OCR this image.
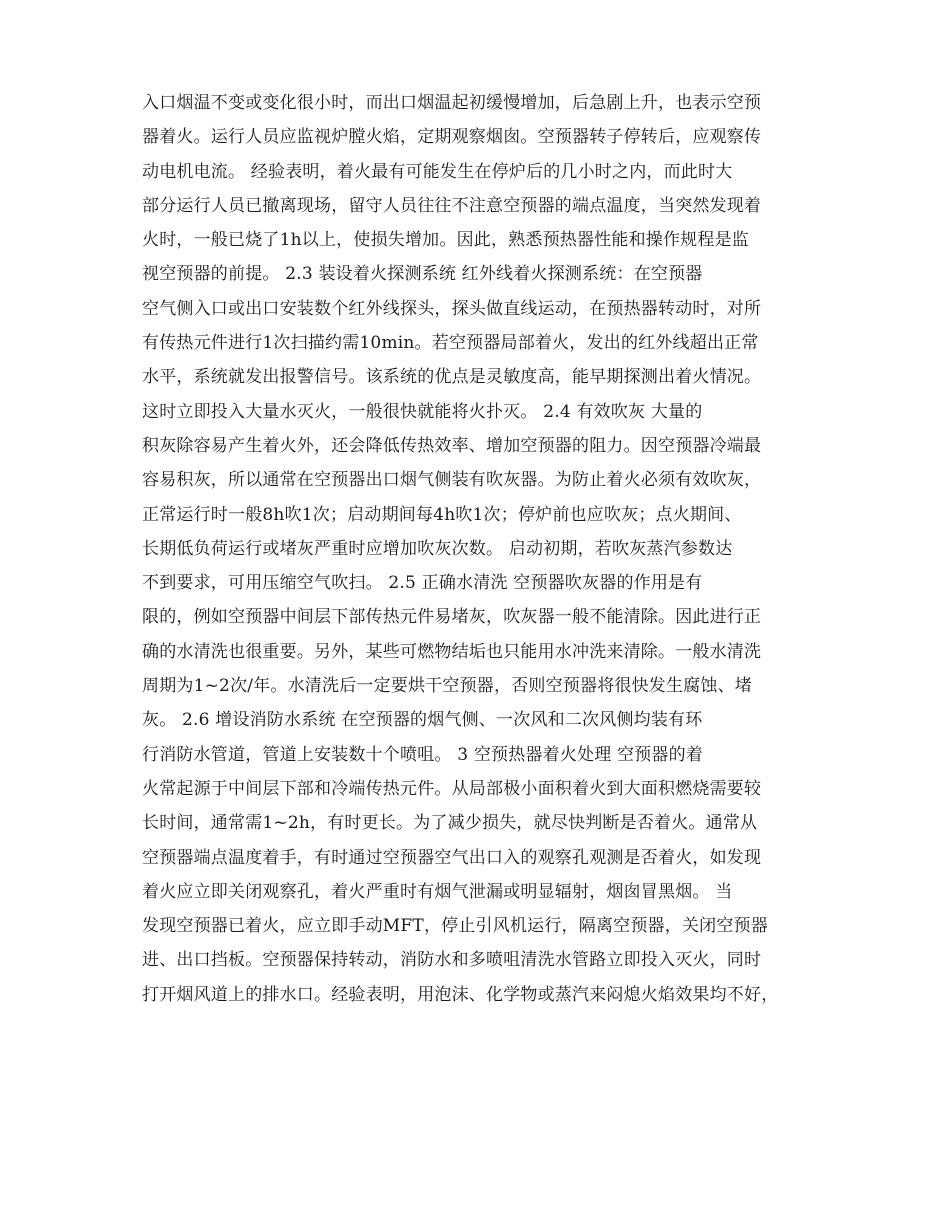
入口烟温不变或变化很小时，而出口烟温起初缓慢增加，后急剧上升，也表示空预
器着火。运行人员应监视炉膛火焰，定期观察烟囱。空预器转子停转后，应观察传
动电机电流。 经验表明，着火最有可能发生在停炉后的几小时之内，而此时大
部分运行人员已撤离现场，留守人员往往不注意空预器的端点温度，当突然发现着
火时，一般已烧了1h以上，使损失增加。因此，熟悉预热器性能和操作规程是监
视空预器的前提。 2.3 装设着火探测系统 红外线着火探测系统：在空预器
空气侧入口或出口安装数个红外线探头，探头做直线运动，在预热器转动时，对所
有传热元件进行1次扫描约需10min。若空预器局部着火，发出的红外线超出正常
水平，系统就发出报警信号。该系统的优点是灵敏度高，能早期探测出着火情况。
这时立即投入大量水灭火，一般很快就能将火扑灭。 2.4 有效吹灰 大量的
积灰除容易产生着火外，还会降低传热效率、增加空预器的阻力。因空预器冷端最
容易积灰，所以通常在空预器出口烟气侧装有吹灰器。为防止着火必须有效吹灰，
正常运行时一般8h吹1次；启动期间每4h吹1次；停炉前也应吹灰；点火期间、
长期低负荷运行或堵灰严重时应增加吹灰次数。 启动初期，若吹灰蒸汽参数达
不到要求，可用压缩空气吹扫。 2.5 正确水清洗 空预器吹灰器的作用是有
限的，例如空预器中间层下部传热元件易堵灰，吹灰器一般不能清除。因此进行正
确的水清洗也很重要。另外，某些可燃物结垢也只能用水冲洗来清除。一般水清洗
周期为1~2次/年。水清洗后一定要烘干空预器，否则空预器将很快发生腐蚀、堵
灰。 2.6 增设消防水系统 在空预器的烟气侧、一次风和二次风侧均装有环
行消防水管道，管道上安装数十个喷咀。 3 空预热器着火处理 空预器的着
火常起源于中间层下部和冷端传热元件。从局部极小面积着火到大面积燃烧需要较
长时间，通常需1~2h，有时更长。为了减少损失，就尽快判断是否着火。通常从
空预器端点温度着手，有时通过空预器空气出口入的观察孔观测是否着火，如发现
着火应立即关闭观察孔，着火严重时有烟气泄漏或明显辐射，烟囱冒黑烟。 当
发现空预器已着火，应立即手动MFT，停止引风机运行，隔离空预器，关闭空预器
进、出口挡板。空预器保持转动，消防水和多喷咀清洗水管路立即投入灭火，同时
打开烟风道上的排水口。经验表明，用泡沫、化学物或蒸汽来闷熄火焰效果均不好，
